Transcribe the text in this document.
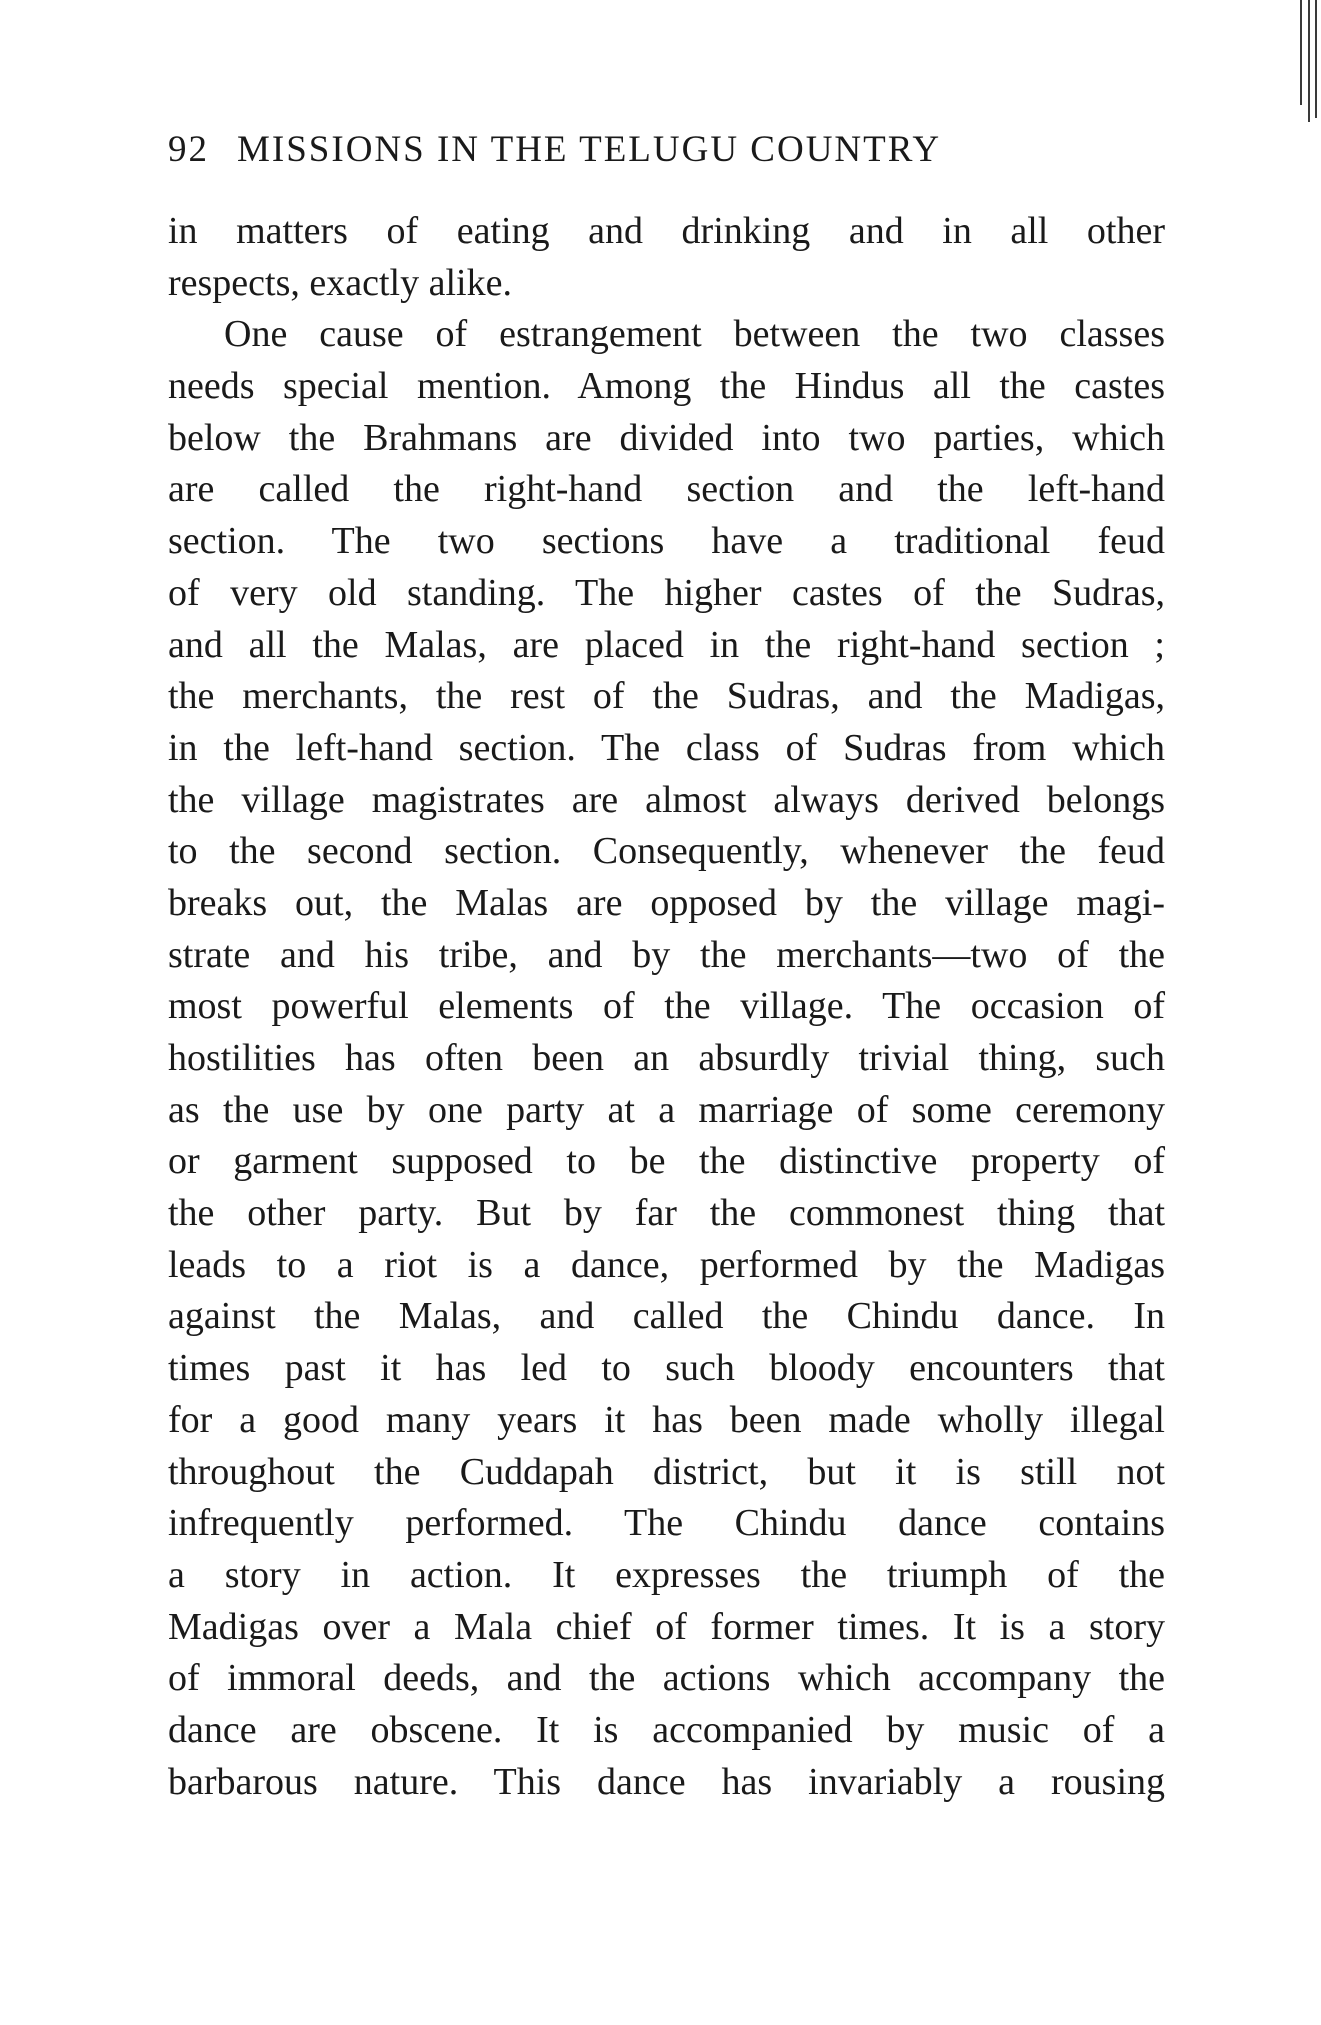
92 MISSIONS IN THE TELUGU COUNTRY
in matters of eating and drinking and in all other
respects, exactly alike.
One cause of estrangement between the two classes
needs special mention. Among the Hindus all the castes
below the Brahmans are divided into two parties, which
are called the right-hand section and the left-hand
section. The two sections have a traditional feud
of very old standing. The higher castes of the Sudras,
and all the Malas, are placed in the right-hand section ;
the merchants, the rest of the Sudras, and the Madigas,
in the left-hand section. The class of Sudras from which
the village magistrates are almost always derived belongs
to the second section. Consequently, whenever the feud
breaks out, the Malas are opposed by the village magi-
strate and his tribe, and by the merchants—two of the
most powerful elements of the village. The occasion of
hostilities has often been an absurdly trivial thing, such
as the use by one party at a marriage of some ceremony
or garment supposed to be the distinctive property of
the other party. But by far the commonest thing that
leads to a riot is a dance, performed by the Madigas
against the Malas, and called the Chindu dance. In
times past it has led to such bloody encounters that
for a good many years it has been made wholly illegal
throughout the Cuddapah district, but it is still not
infrequently performed. The Chindu dance contains
a story in action. It expresses the triumph of the
Madigas over a Mala chief of former times. It is a story
of immoral deeds, and the actions which accompany the
dance are obscene. It is accompanied by music of a
barbarous nature. This dance has invariably a rousing
